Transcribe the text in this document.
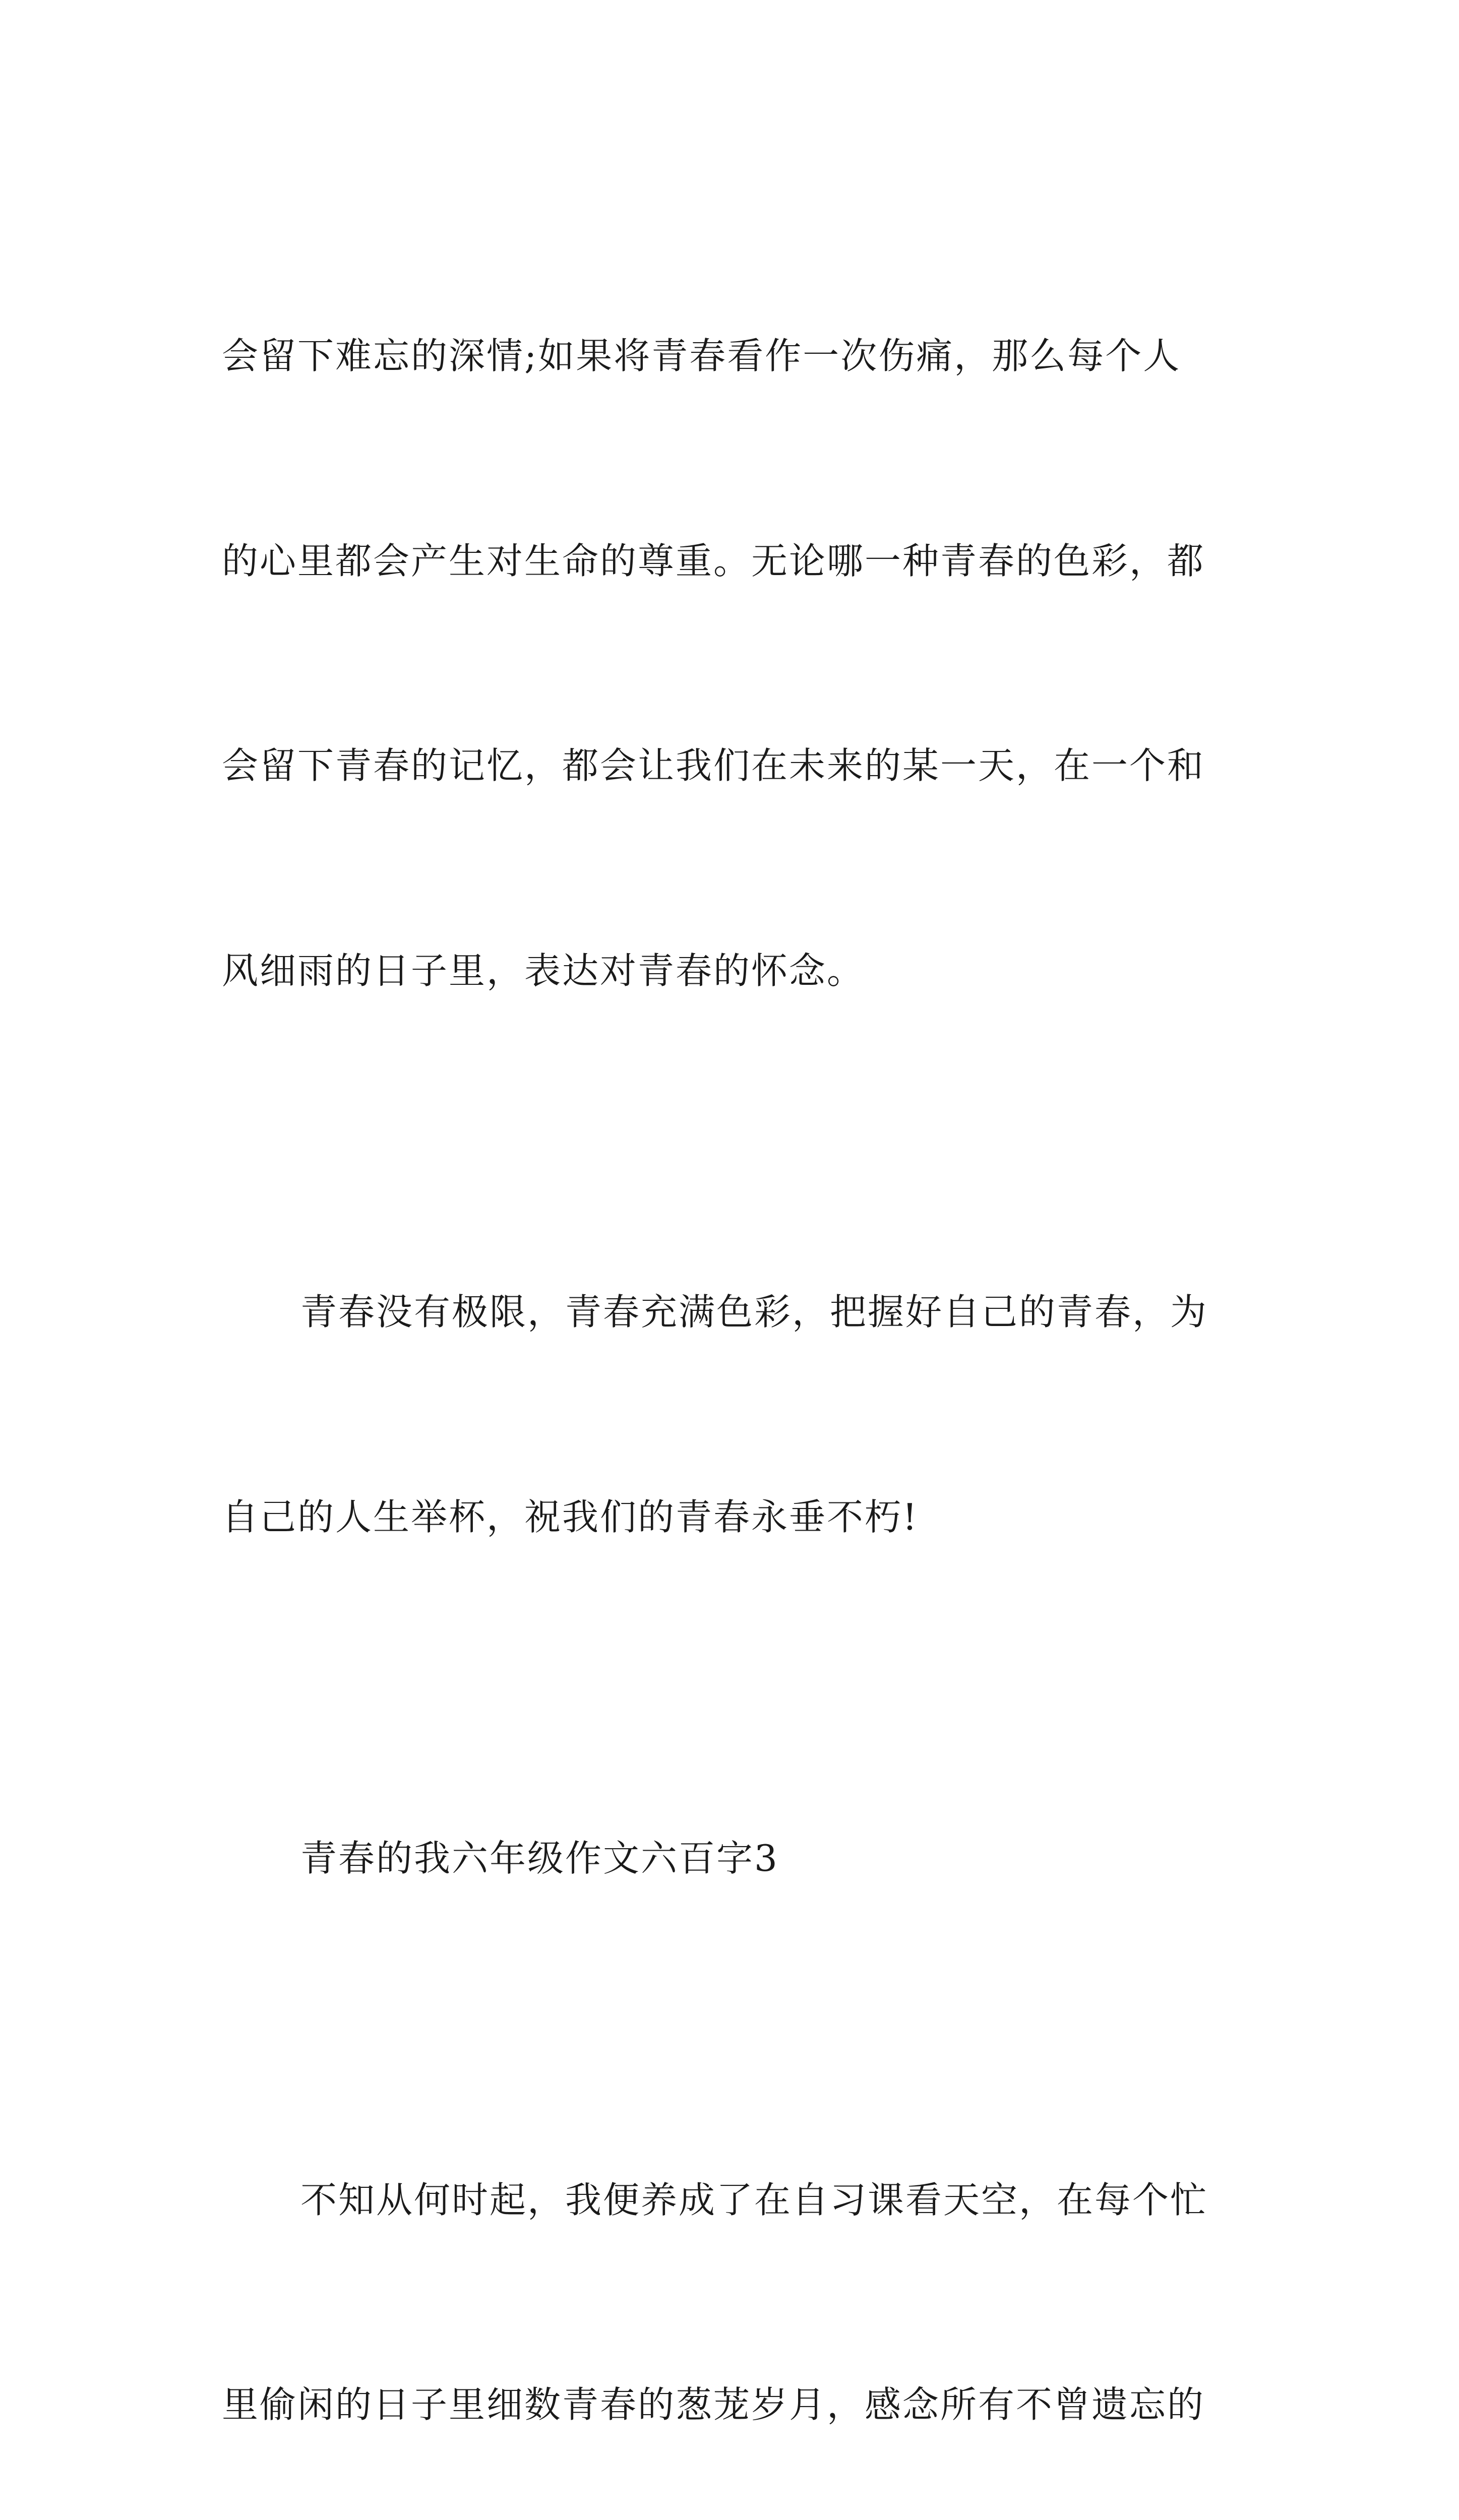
会留下难忘的深情;如果将青春看作一次伤痛，那么每个人

的心里都会产生对生命的尊重。无论哪一种青春的色彩，都

会留下青春的记忆，都会让我们在未来的某一天，在一个和

风细雨的日子里，表达对青春的怀念。

青春没有极限，青春充满色彩，把握好自己的青春，为

自己的人生举杯，祝我们的青春永垂不朽!

青春的我六年级作文六百字3

不知从何时起，我便养成了在自习课看天空，在每个忙

里偷闲的日子里细数青春的葱茏岁月，感念所有不曾遗忘的
